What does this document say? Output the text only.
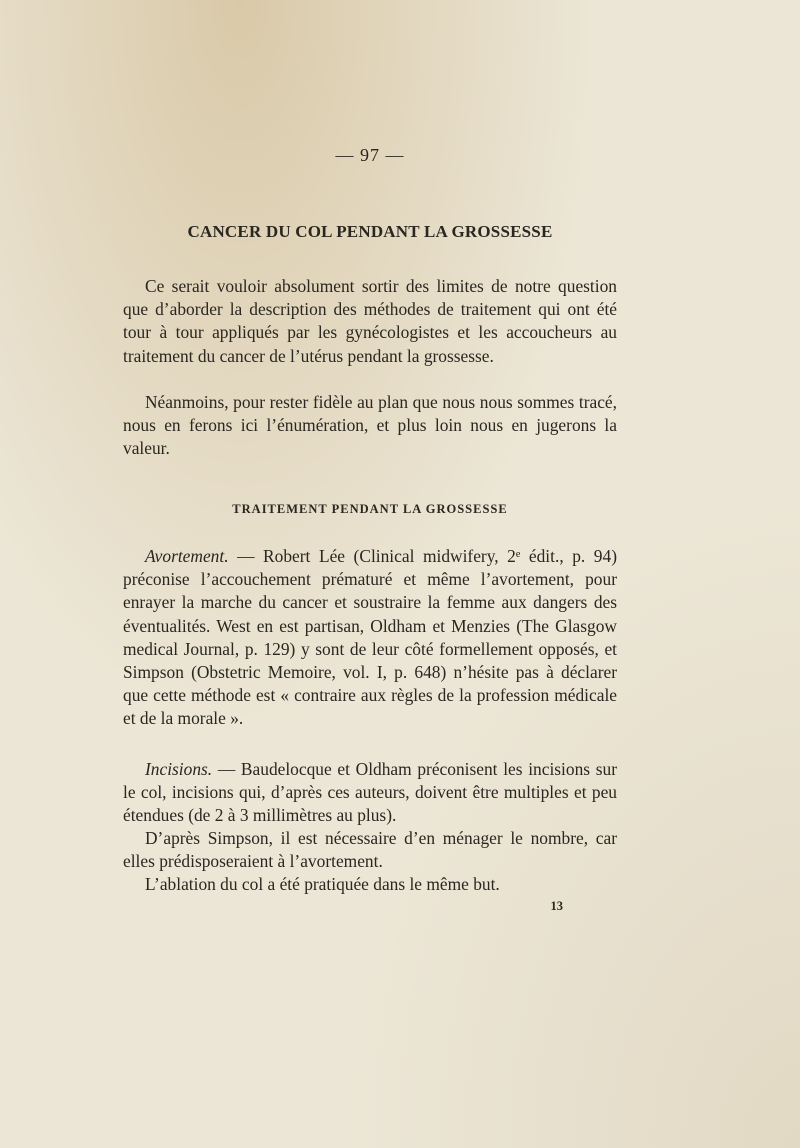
— 97 —
CANCER DU COL PENDANT LA GROSSESSE

Ce serait vouloir absolument sortir des limites de notre question que d’aborder la description des méthodes de traitement qui ont été tour à tour appliqués par les gynécologistes et les accoucheurs au traitement du cancer de l’utérus pendant la grossesse.

Néanmoins, pour rester fidèle au plan que nous nous sommes tracé, nous en ferons ici l’énumération, et plus loin nous en jugerons la valeur.

TRAITEMENT PENDANT LA GROSSESSE

Avortement. — Robert Lée (Clinical midwifery, 2ᵉ édit., p. 94) préconise l’accouchement prématuré et même l’avortement, pour enrayer la marche du cancer et soustraire la femme aux dangers des éventualités. West en est partisan, Oldham et Menzies (The Glasgow medical Journal, p. 129) y sont de leur côté formellement opposés, et Simpson (Obstetric Memoire, vol. I, p. 648) n’hésite pas à déclarer que cette méthode est « contraire aux règles de la profession médicale et de la morale ».

Incisions. — Baudelocque et Oldham préconisent les incisions sur le col, incisions qui, d’après ces auteurs, doivent être multiples et peu étendues (de 2 à 3 millimètres au plus).

D’après Simpson, il est nécessaire d’en ménager le nombre, car elles prédisposeraient à l’avortement.

L’ablation du col a été pratiquée dans le même but.

13
